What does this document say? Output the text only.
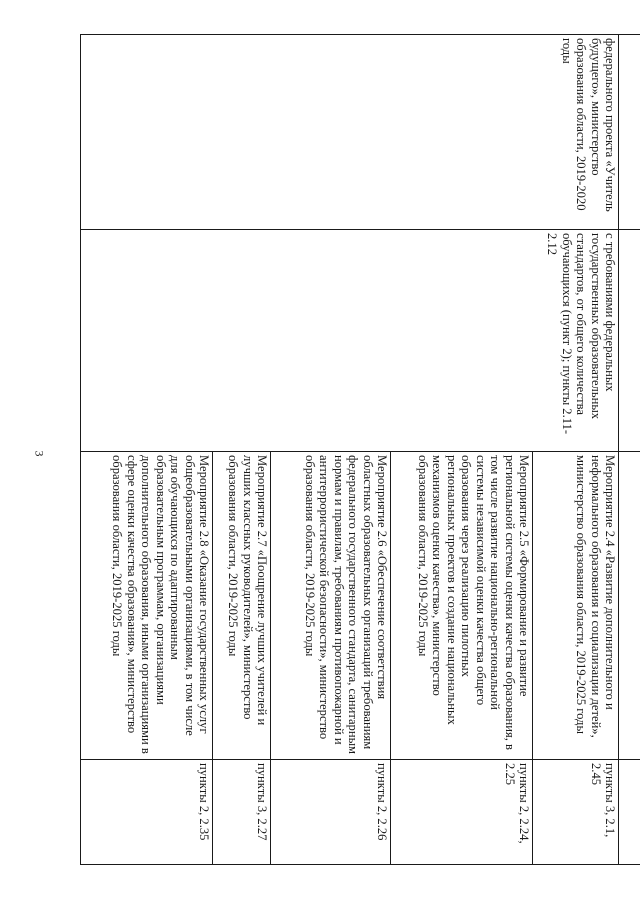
3

федерального проекта «Учитель будущего», министерство образования области, 2019-2020 годы	с требованиями федеральных государственных образовательных стандартов, от общего количества обучающихся (пункт 2); пункты 2.11-2.12	Мероприятие 2.4 «Развитие дополнительного и неформального образования и социализации детей», министерство образования области, 2019-2025 годы	пункты 3, 2.1, 2.45

		Мероприятие 2.5 «Формирование и развитие региональной системы оценки качества образования, в том числе развитие национально-региональной системы независимой оценки качества общего образования через реализацию пилотных региональных проектов и создание национальных механизмов оценки качества», министерство образования области, 2019-2025 годы	пункты 2, 2.24, 2.25

		Мероприятие 2.6 «Обеспечение соответствия областных образовательных организаций требованиям федерального государственного стандарта, санитарным нормам и правилам, требованиям противопожарной и антитеррористической безопасности», министерство образования области, 2019-2025 годы	пункты 2, 2.26

		Мероприятие 2.7 «Поощрение лучших учителей и лучших классных руководителей», министерство образования области, 2019-2025 годы	пункты 3, 2.27

		Мероприятие 2.8 «Оказание государственных услуг общеобразовательными организациями, в том числе для обучающихся по адаптированным образовательным программам, организациями дополнительного образования, иными организациями в сфере оценки качества образования», министерство образования области, 2019-2025 годы	пункты 2, 2.35
